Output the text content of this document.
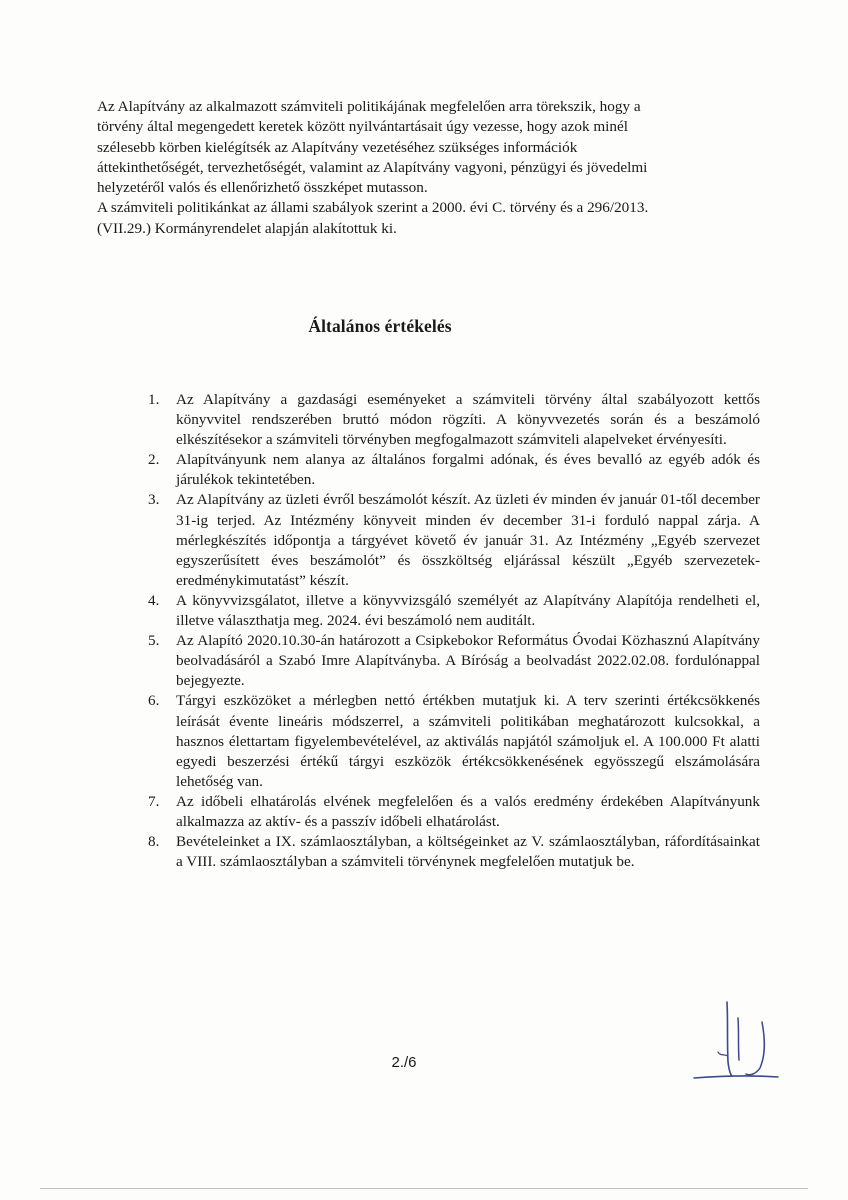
Az Alapítvány az alkalmazott számviteli politikájának megfelelően arra törekszik, hogy a

törvény által megengedett keretek között nyilvántartásait úgy vezesse, hogy azok minél

szélesebb körben kielégítsék az Alapítvány vezetéséhez szükséges információk

áttekinthetőségét, tervezhetőségét, valamint az Alapítvány vagyoni, pénzügyi és jövedelmi

helyzetéről valós és ellenőrizhető összképet mutasson.

A számviteli politikánkat az állami szabályok szerint a 2000. évi C. törvény és a 296/2013.

(VII.29.) Kormányrendelet alapján alakítottuk ki.

Általános értékelés
1. Az Alapítvány a gazdasági eseményeket a számviteli törvény által szabályozott kettős könyvvitel rendszerében bruttó módon rögzíti. A könyvvezetés során és a beszámoló elkészítésekor a számviteli törvényben megfogalmazott számviteli alapelveket érvényesíti.
2. Alapítványunk nem alanya az általános forgalmi adónak, és éves bevalló az egyéb adók és járulékok tekintetében.
3. Az Alapítvány az üzleti évről beszámolót készít. Az üzleti év minden év január 01-től december 31-ig terjed. Az Intézmény könyveit minden év december 31-i forduló nappal zárja. A mérlegkészítés időpontja a tárgyévet követő év január 31. Az Intézmény „Egyéb szervezet egyszerűsített éves beszámolót” és összköltség eljárással készült „Egyéb szervezetek-eredménykimutatást” készít.
4. A könyvvizsgálatot, illetve a könyvvizsgáló személyét az Alapítvány Alapítója rendelheti el, illetve választhatja meg. 2024. évi beszámoló nem auditált.
5. Az Alapító 2020.10.30-án határozott a Csipkebokor Református Óvodai Közhasznú Alapítvány beolvadásáról a Szabó Imre Alapítványba. A Bíróság a beolvadást 2022.02.08. fordulónappal bejegyezte.
6. Tárgyi eszközöket a mérlegben nettó értékben mutatjuk ki. A terv szerinti értékcsökkenés leírását évente lineáris módszerrel, a számviteli politikában meghatározott kulcsokkal, a hasznos élettartam figyelembevételével, az aktiválás napjától számoljuk el. A 100.000 Ft alatti egyedi beszerzési értékű tárgyi eszközök értékcsökkenésének egyösszegű elszámolására lehetőség van.
7. Az időbeli elhatárolás elvének megfelelően és a valós eredmény érdekében Alapítványunk alkalmazza az aktív- és a passzív időbeli elhatárolást.
8. Bevételeinket a IX. számlaosztályban, a költségeinket az V. számlaosztályban, ráfordításainkat a VIII. számlaosztályban a számviteli törvénynek megfelelően mutatjuk be.
2./6
